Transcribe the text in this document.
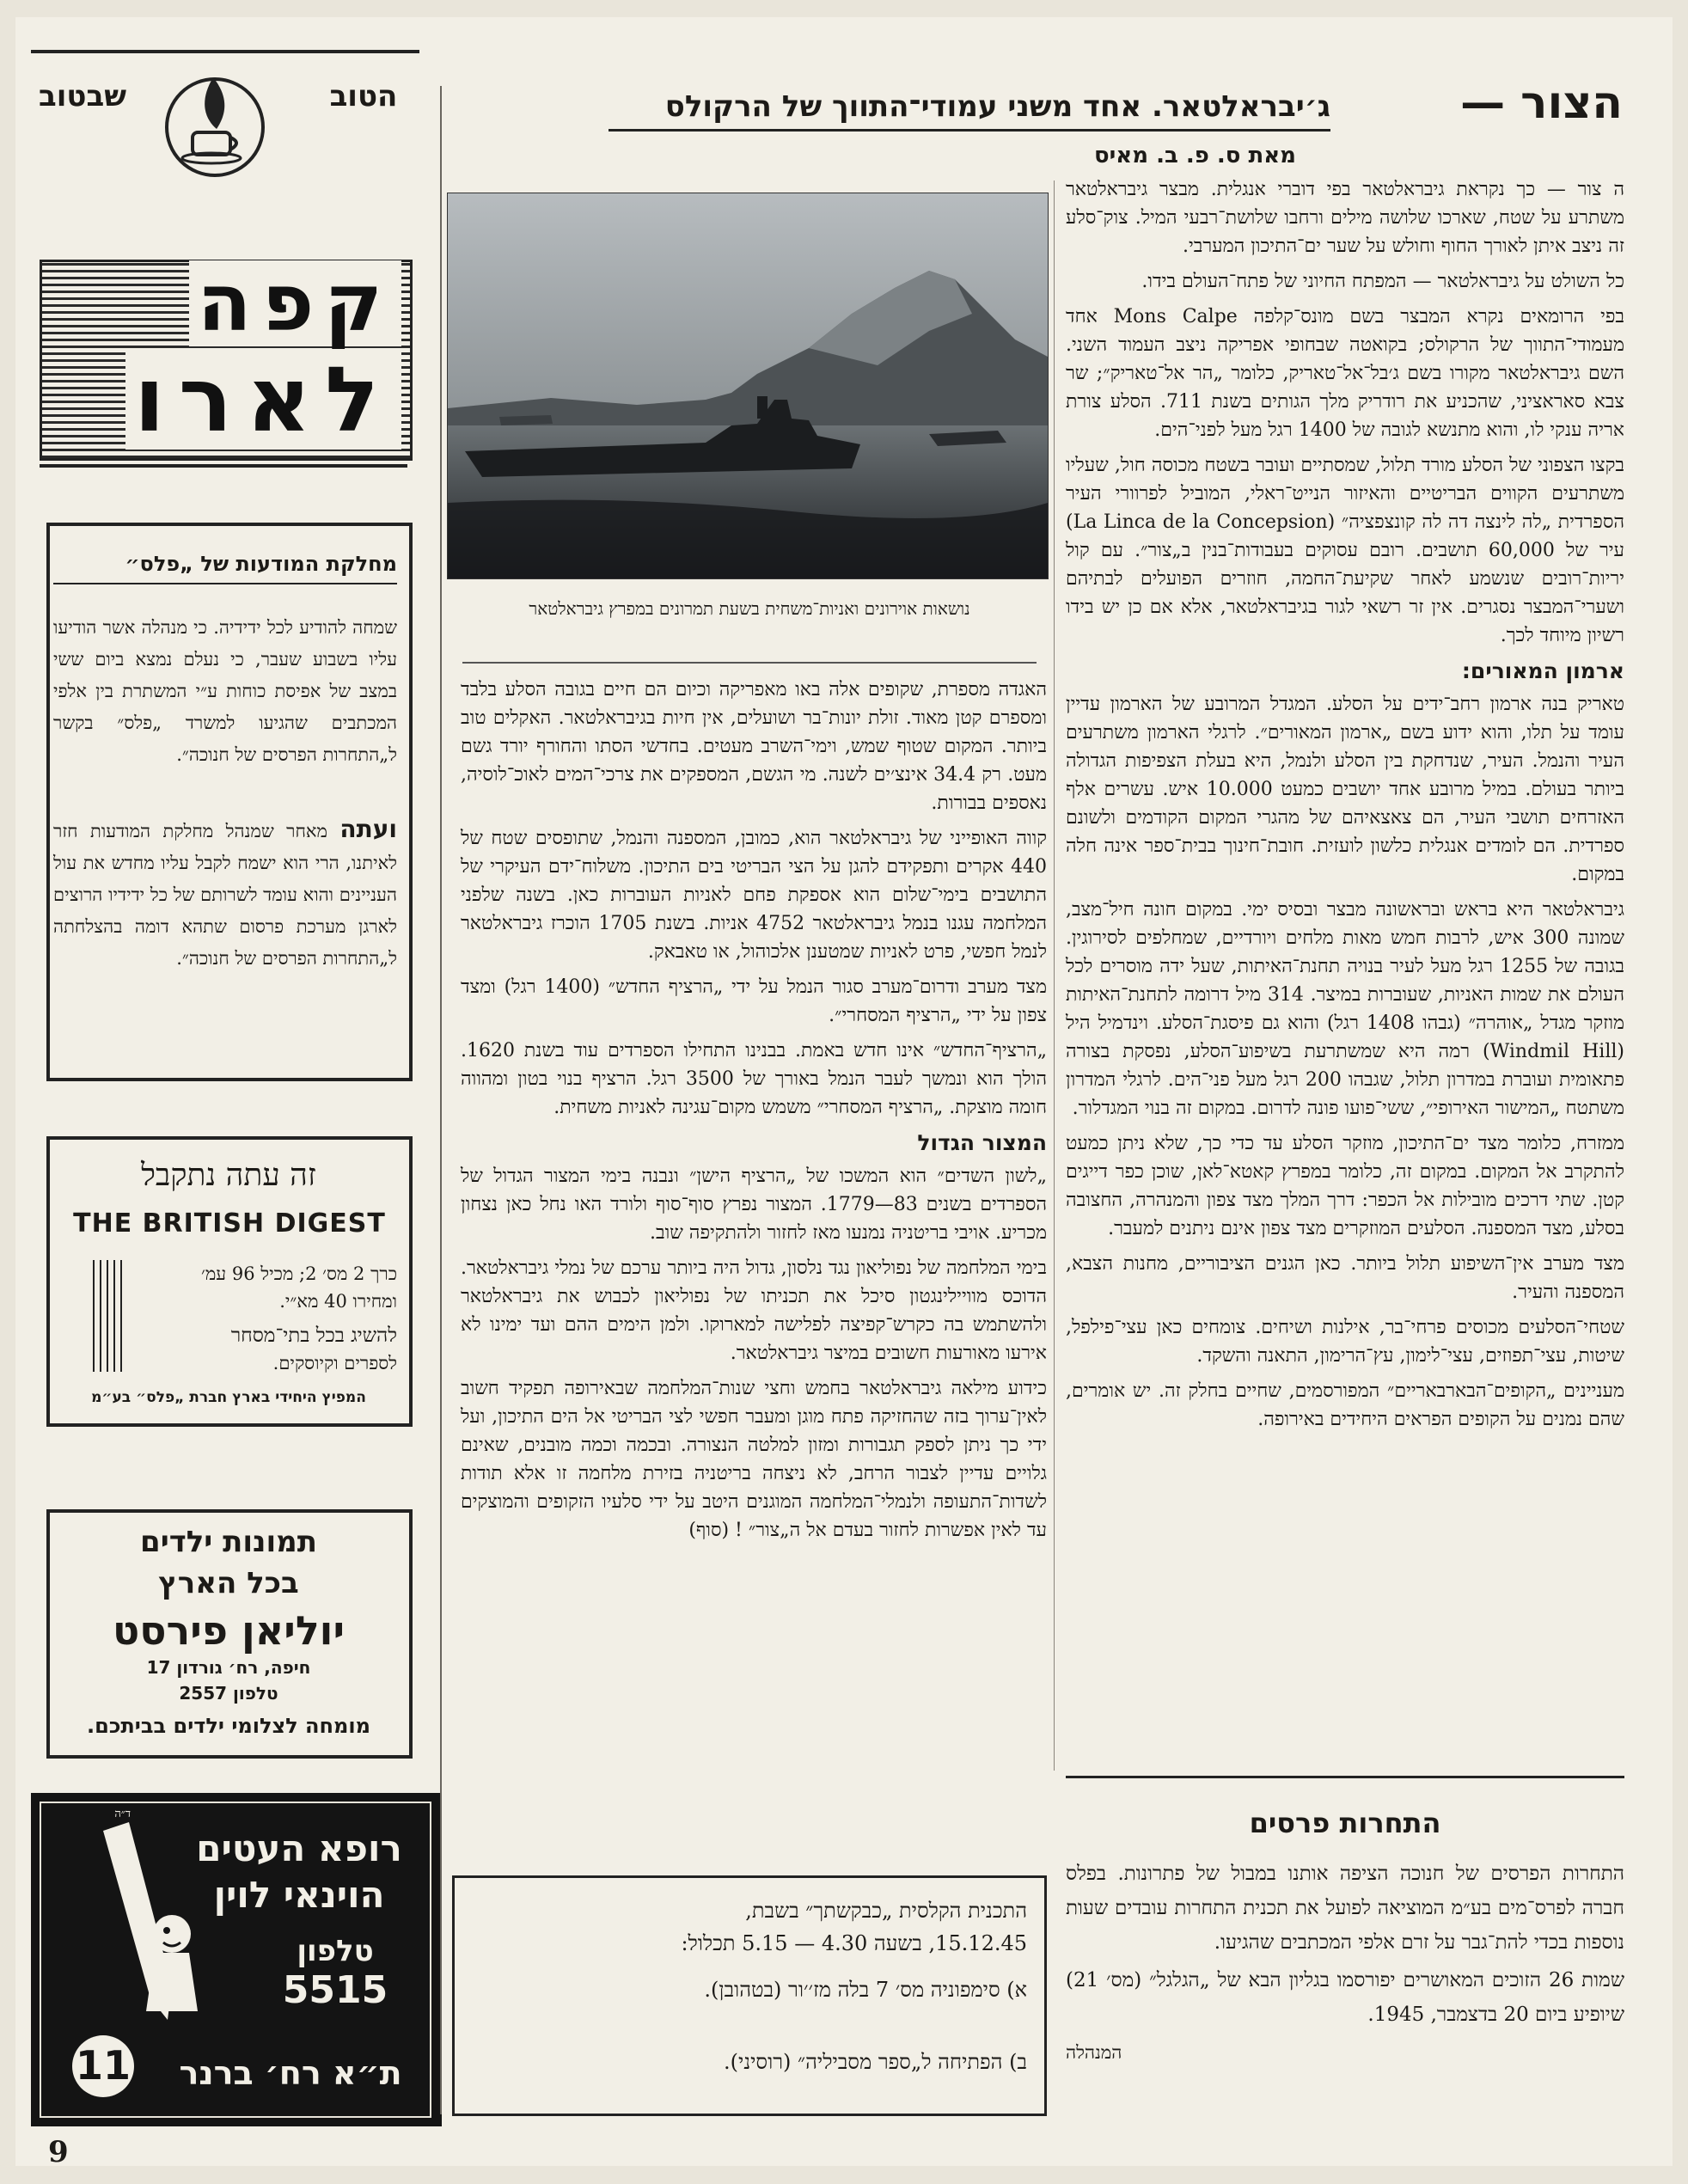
שבטוב	הטוב
קפה
לארו
מחלקת המודעות של „פלס״
שמחה להודיע לכל ידידיה. כי מנהלה אשר הודיעו עליו בשבוע שעבר, כי נעלם נמצא ביום ששי במצב של אפיסת כוחות ע״י המשתרת בין אלפי המכתבים שהגיעו למשרד „פלס״ בקשר ל„התחרות הפרסים של חנוכה״.
ועתה מאחר שמנהל מחלקת המודעות חזר לאיתנו, הרי הוא ישמח לקבל עליו מחדש את עול העניינים והוא עומד לשרותם של כל ידידיו הרוצים לארגן מערכת פרסום שתהא דומה בהצלחתה ל„התחרות הפרסים של חנוכה״.
זה עתה נתקבל
THE BRITISH DIGEST
כרך 2 מס׳ 2; מכיל 96 עמ׳
ומחירו 40 מא״י.
להשיג בכל בתי־מסחר
לספרים וקיוסקים.
המפיץ היחידי בארץ חברת „פלס״ בע״מ
תמונות ילדים
בכל הארץ
יוליאן פירסט
חיפה, רח׳ גורדון 17
טלפון 2557
מומחה לצלומי ילדים בביתכם.
רופא העטים
הוינאי לוין
טלפון
5515
11	ת״א רח׳ ברנר
ד״ה
9
הצור —
ג׳יבראלטאר. אחד משני עמודי־התווך של הרקולס
מאת ס. פ. ב. מאיס

ה צור — כך נקראת גיבראלטאר בפי דוברי אנגלית. מבצר גיבראלטאר משתרע על שטח, שארכו שלושה מילים ורחבו שלושת־רבעי המיל. צוק־סלע זה ניצב איתן לאורך החוף וחולש על שער ים־התיכון המערבי.

כל השולט על גיבראלטאר — המפתח החיוני של פתח־העולם בידו.

בפי הרומאים נקרא המבצר בשם מונס־קלפה Mons Calpe אחד מעמודי־התווך של הרקולס; בקואטה שבחופי אפריקה ניצב העמוד השני. השם גיבראלטאר מקורו בשם ג׳בל־אל־טאריק, כלומר „הר אל־טאריק״; שר צבא סאראציני, שהכניע את רודריק מלך הגותים בשנת 711. הסלע צורת אריה ענקי לו, והוא מתנשא לגובה של 1400 רגל מעל לפני־הים.

בקצו הצפוני של הסלע מורד תלול, שמסתיים ועובר בשטח מכוסה חול, שעליו משתרעים הקווים הבריטיים והאיזור הנייט־ראלי, המוביל לפרוורי העיר הספרדית „לה לינצה דה לה קונצפציה״ (La Linca de la Concepsion) עיר של 60,000 תושבים. רובם עסוקים בעבודות־בנין ב„צור״. עם קול יריות־רובים שנשמע לאחר שקיעת־החמה, חוזרים הפועלים לבתיהם ושערי־המבצר נסגרים. אין זר רשאי לגור בגיבראלטאר, אלא אם כן יש בידו רשיון מיוחד לכך.

ארמון המאורים:

טאריק בנה ארמון רחב־ידים על הסלע. המגדל המרובע של הארמון עדיין עומד על תלו, והוא ידוע בשם „ארמון המאורים״. לרגלי הארמון משתרעים העיר והנמל. העיר, שנדחקת בין הסלע ולנמל, היא בעלת הצפיפות הגדולה ביותר בעולם. במיל מרובע אחד יושבים כמעט 10.000 איש. עשרים אלף האזרחים תושבי העיר, הם צאצאיהם של מהגרי המקום הקודמים ולשונם ספרדית. הם לומדים אנגלית כלשון לועזית. חובת־חינוך בבית־ספר אינה חלה במקום.

גיבראלטאר היא בראש ובראשונה מבצר ובסיס ימי. במקום חונה חיל־מצב, שמונה 300 איש, לרבות חמש מאות מלחים ויורדיים, שמחלפים לסירוגין. בגובה של 1255 רגל מעל לעיר בנויה תחנת־האיתות, שעל ידה מוסרים לכל העולם את שמות האניות, שעוברות במיצר. 314 מיל דרומה לתחנת־האיתות מוזקר מגדל „אוהרה״ (גבהו 1408 רגל) והוא גם פיסגת־הסלע. וינדמיל היל (Windmil Hill) רמה היא שמשתרעת בשיפוע־הסלע, נפסקת בצורה פתאומית ועוברת במדרון תלול, שגבהו 200 רגל מעל פני־הים. לרגלי המדרון משתטח „המישור האירופי״, ששי־פועו פונה לדרום. במקום זה בנוי המגדלור.

ממזרח, כלומר מצד ים־התיכון, מוזקר הסלע עד כדי כך, שלא ניתן כמעט להתקרב אל המקום. במקום זה, כלומר במפרץ קאטא־לאן, שוכן כפר דייגים קטן. שתי דרכים מובילות אל הכפר: דרך המלך מצד צפון והמנהרה, החצובה בסלע, מצד המספנה. הסלעים המוזקרים מצד צפון אינם ניתנים למעבר.

מצד מערב אין־השיפוע תלול ביותר. כאן הגנים הציבוריים, מחנות הצבא, המספנה והעיר.

שטחי־הסלעים מכוסים פרחי־בר, אילנות ושיחים. צומחים כאן עצי־פילפל, שיטות, עצי־תפוזים, עצי־לימון, עץ־הרימון, התאנה והשקד.

מעניינים „הקופים־הבארבאריים״ המפורסמים, שחיים בחלק זה. יש אומרים, שהם נמנים על הקופים הפראים היחידים באירופה.

נושאות אוירונים ואניות־משחית בשעת תמרונים במפרץ גיבראלטאר

האגדה מספרת, שקופים אלה באו מאפריקה וכיום הם חיים בגובה הסלע בלבד ומספרם קטן מאוד. זולת יונות־בר ושועלים, אין חיות בגיבראלטאר. האקלים טוב ביותר. המקום שטוף שמש, וימי־השרב מעטים. בחדשי הסתו והחורף יורד גשם מעט. רק 34.4 אינצ׳ים לשנה. מי הגשם, המספקים את צרכי־המים לאוכ־לוסיה, נאספים בבורות.

קווה האופייני של גיבראלטאר הוא, כמובן, המספנה והנמל, שתופסים שטח של 440 אקרים ותפקידם להגן על הצי הבריטי בים התיכון. משלוח־ידם העיקרי של התושבים בימי־שלום הוא אספקת פחם לאניות העוברות כאן. בשנה שלפני המלחמה עגנו בנמל גיבראלטאר 4752 אניות. בשנת 1705 הוכרז גיבראלטאר לנמל חפשי, פרט לאניות שמטענן אלכוהול, או טאבאק.

מצד מערב ודרום־מערב סגור הנמל על ידי „הרציף החדש״ (1400 רגל) ומצד צפון על ידי „הרציף המסחרי״.

„הרציף־החדש״ אינו חדש באמת. בבנינו התחילו הספרדים עוד בשנת 1620. הולך הוא ונמשך לעבר הנמל באורך של 3500 רגל. הרציף בנוי בטון ומהווה חומה מוצקת. „הרציף המסחרי״ משמש מקום־עגינה לאניות משחית.

המצור הגדול

„לשון השדים״ הוא המשכו של „הרציף הישן״ ונבנה בימי המצור הגדול של הספרדים בשנים 83—1779. המצור נפרץ סוף־סוף ולורד האו נחל כאן נצחון מכריע. אויבי בריטניה נמנעו מאז לחזור ולהתקיפה שוב.

בימי המלחמה של נפוליאון נגד נלסון, גדול היה ביותר ערכם של נמלי גיבראלטאר. הדוכס מוויילינגטון סיכל את תכניתו של נפוליאון לכבוש את גיבראלטאר ולהשתמש בה כקרש־קפיצה לפלישה למארוקו. ולמן הימים ההם ועד ימינו לא אירעו מאורעות חשובים במיצר גיבראלטאר.

כידוע מילאה גיבראלטאר בחמש וחצי שנות־המלחמה שבאירופה תפקיד חשוב לאין־ערוך בזה שהחזיקה פתח מוגן ומעבר חפשי לצי הבריטי אל הים התיכון, ועל ידי כך ניתן לספק תגבורות ומזון למלטה הנצורה. ובכמה וכמה מובנים, שאינם גלויים עדיין לצבור הרחב, לא ניצחה בריטניה בזירת מלחמה זו אלא תודות לשדות־התעופה ולנמלי־המלחמה המוגנים היטב על ידי סלעיו הזקופים והמוצקים עד לאין אפשרות לחזור בעדם אל ה„צור״ ! (סוף)

התכנית הקלסית „כבקשתך״ בשבת,
15.12.45, בשעה 4.30 — 5.15 תכלול:
א) סימפוניה מס׳ 7 בלה מז׳׳ור (בטהובן).
ב) הפתיחה ל„ספר מסביליה״ (רוסיני).
התחרות פרסים

התחרות הפרסים של חנוכה הציפה אותנו במבול של פתרונות. בפלס חברה לפרס־מים בע״מ המוציאה לפועל את תכנית התחרות עובדים שעות נוספות בכדי להת־גבר על זרם אלפי המכתבים שהגיעו.

שמות 26 הזוכים המאושרים יפורסמו בגליון הבא של „הגלגל״ (מס׳ 21) שיופיע ביום 20 בדצמבר, 1945.

המנהלה
